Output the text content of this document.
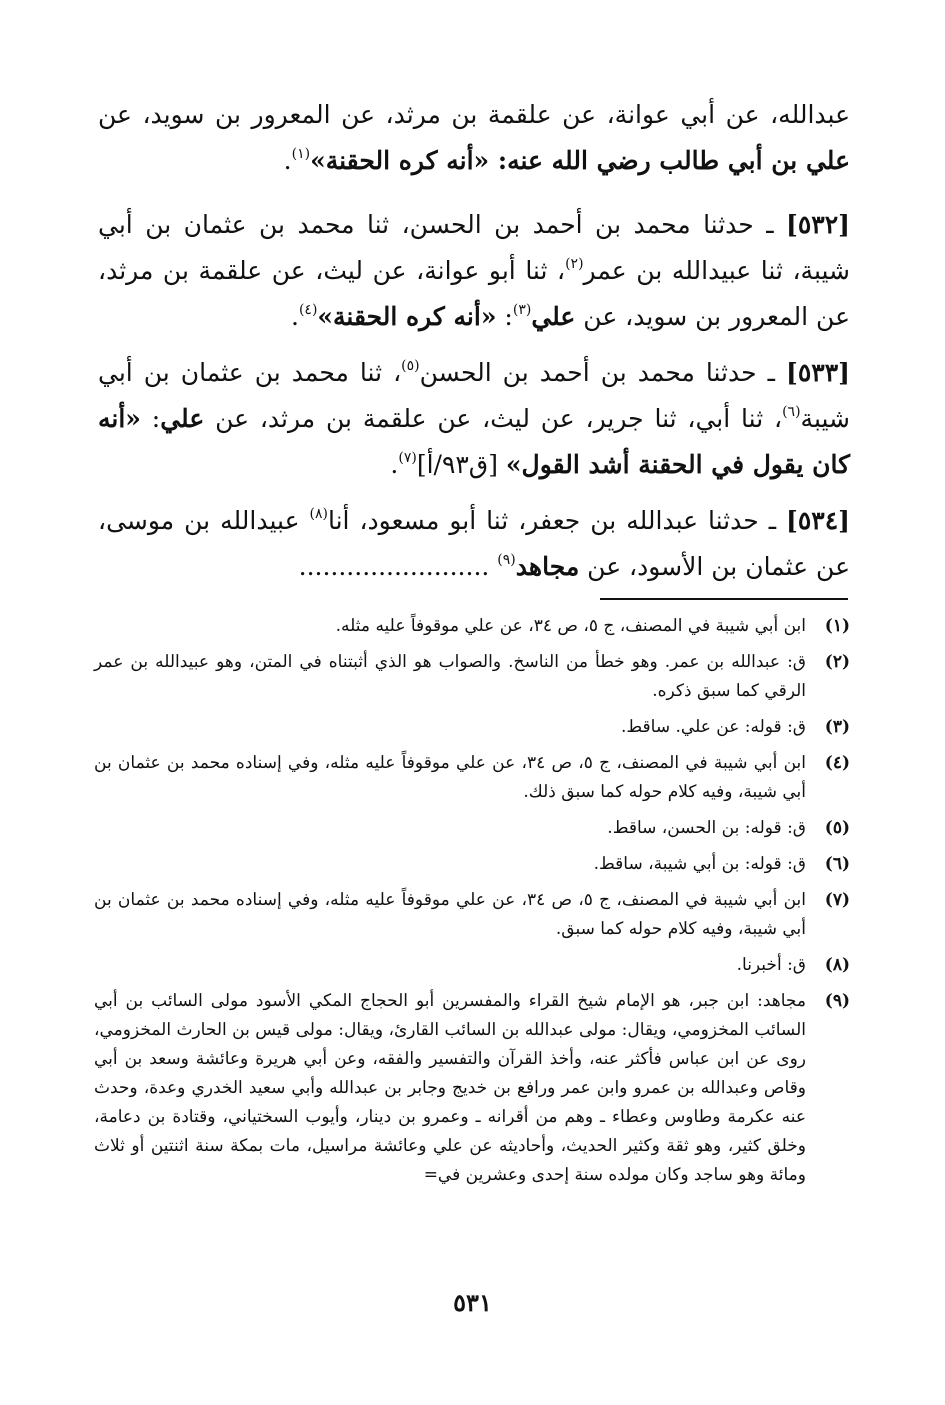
عبدالله، عن أبي عوانة، عن علقمة بن مرثد، عن المعرور بن سويد، عن علي بن أبي طالب رضي الله عنه: «أنه كره الحقنة»$^{(١)}$.

[٥٣٢] ـ حدثنا محمد بن أحمد بن الحسن، ثنا محمد بن عثمان بن أبي شيبة، ثنا عبيدالله بن عمر$^{(٢)}$، ثنا أبو عوانة، عن ليث، عن علقمة بن مرثد، عن المعرور بن سويد، عن علي$^{(٣)}$: «أنه كره الحقنة»$^{(٤)}$.

[٥٣٣] ـ حدثنا محمد بن أحمد بن الحسن$^{(٥)}$، ثنا محمد بن عثمان بن أبي شيبة$^{(٦)}$، ثنا أبي، ثنا جرير، عن ليث، عن علقمة بن مرثد، عن علي: «أنه كان يقول في الحقنة أشد القول» [ق٩٣/أ]$^{(٧)}$.

[٥٣٤] ـ حدثنا عبدالله بن جعفر، ثنا أبو مسعود، أنا$^{(٨)}$ عبيدالله بن موسى، عن عثمان بن الأسود، عن مجاهد$^{(٩)}$ ........................

(١)
ابن أبي شيبة في المصنف، ج ٥، ص ٣٤، عن علي موقوفاً عليه مثله.
(٢)
ق: عبدالله بن عمر. وهو خطأ من الناسخ. والصواب هو الذي أثبتناه في المتن، وهو عبيدالله بن عمر الرقي كما سبق ذكره.
(٣)
ق: قوله: عن علي. ساقط.
(٤)
ابن أبي شيبة في المصنف، ج ٥، ص ٣٤، عن علي موقوفاً عليه مثله، وفي إسناده محمد بن عثمان بن أبي شيبة، وفيه كلام حوله كما سبق ذلك.
(٥)
ق: قوله: بن الحسن، ساقط.
(٦)
ق: قوله: بن أبي شيبة، ساقط.
(٧)
ابن أبي شيبة في المصنف، ج ٥، ص ٣٤، عن علي موقوفاً عليه مثله، وفي إسناده محمد بن عثمان بن أبي شيبة، وفيه كلام حوله كما سبق.
(٨)
ق: أخبرنا.
(٩)
مجاهد: ابن جبر، هو الإمام شيخ القراء والمفسرين أبو الحجاج المكي الأسود مولى السائب بن أبي السائب المخزومي، ويقال: مولى عبدالله بن السائب القارئ، ويقال: مولى قيس بن الحارث المخزومي، روى عن ابن عباس فأكثر عنه، وأخذ القرآن والتفسير والفقه، وعن أبي هريرة وعائشة وسعد بن أبي وقاص وعبدالله بن عمرو وابن عمر ورافع بن خديج وجابر بن عبدالله وأبي سعيد الخدري وعدة، وحدث عنه عكرمة وطاوس وعطاء ـ وهم من أقرانه ـ وعمرو بن دينار، وأيوب السختياني، وقتادة بن دعامة، وخلق كثير، وهو ثقة وكثير الحديث، وأحاديثه عن علي وعائشة مراسيل، مات بمكة سنة اثنتين أو ثلاث ومائة وهو ساجد وكان مولده سنة إحدى وعشرين في=
٥٣١
